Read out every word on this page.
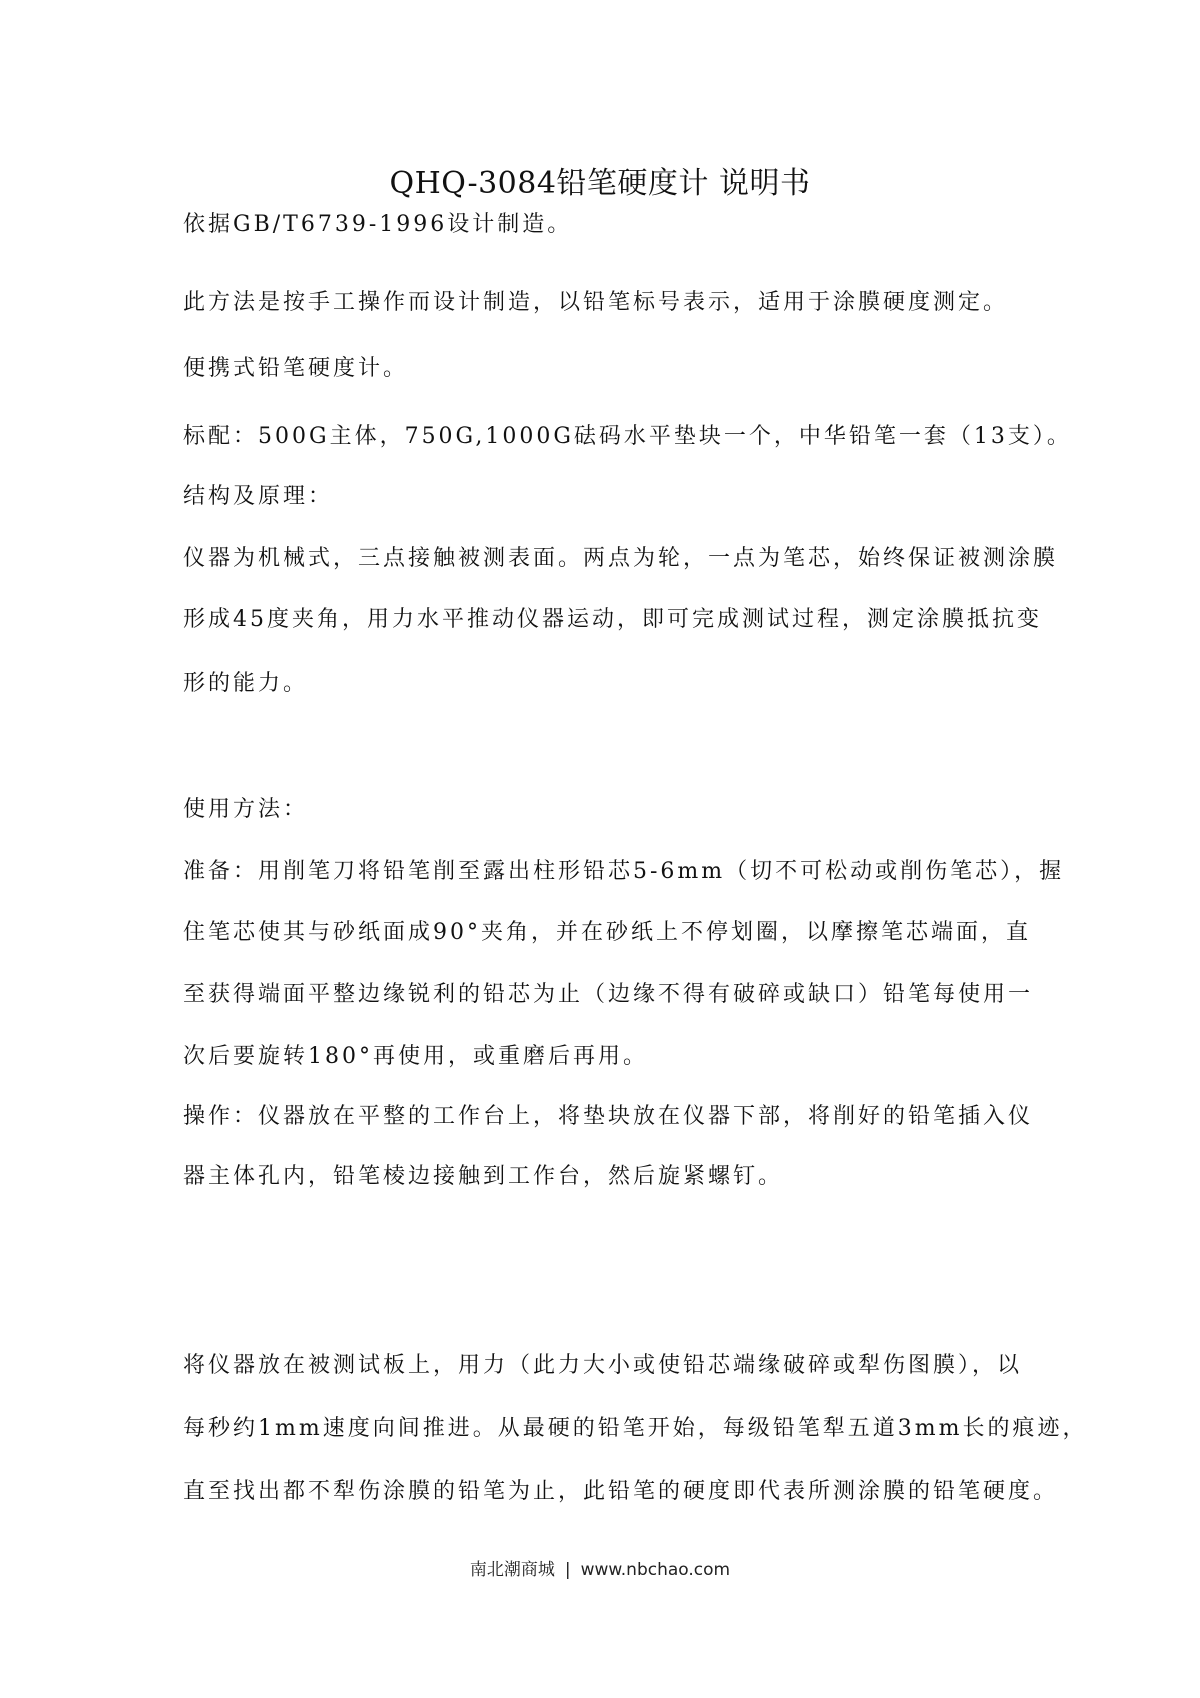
QHQ-3084铅笔硬度计 说明书
依据GB/T6739-1996设计制造。
此方法是按手工操作而设计制造，以铅笔标号表示，适用于涂膜硬度测定。
便携式铅笔硬度计。
标配：500G主体，750G,1000G砝码水平垫块一个，中华铅笔一套（13支）。
结构及原理：
仪器为机械式，三点接触被测表面。两点为轮，一点为笔芯，始终保证被测涂膜
形成45度夹角，用力水平推动仪器运动，即可完成测试过程，测定涂膜抵抗变
形的能力。
使用方法：
准备：用削笔刀将铅笔削至露出柱形铅芯5-6mm（切不可松动或削伤笔芯），握
住笔芯使其与砂纸面成90°夹角，并在砂纸上不停划圈，以摩擦笔芯端面，直
至获得端面平整边缘锐利的铅芯为止（边缘不得有破碎或缺口）铅笔每使用一
次后要旋转180°再使用，或重磨后再用。
操作：仪器放在平整的工作台上，将垫块放在仪器下部，将削好的铅笔插入仪
器主体孔内，铅笔棱边接触到工作台，然后旋紧螺钉。
将仪器放在被测试板上，用力（此力大小或使铅芯端缘破碎或犁伤图膜），以
每秒约1mm速度向间推进。从最硬的铅笔开始，每级铅笔犁五道3mm长的痕迹，
直至找出都不犁伤涂膜的铅笔为止，此铅笔的硬度即代表所测涂膜的铅笔硬度。
南北潮商城 | www.nbchao.com
